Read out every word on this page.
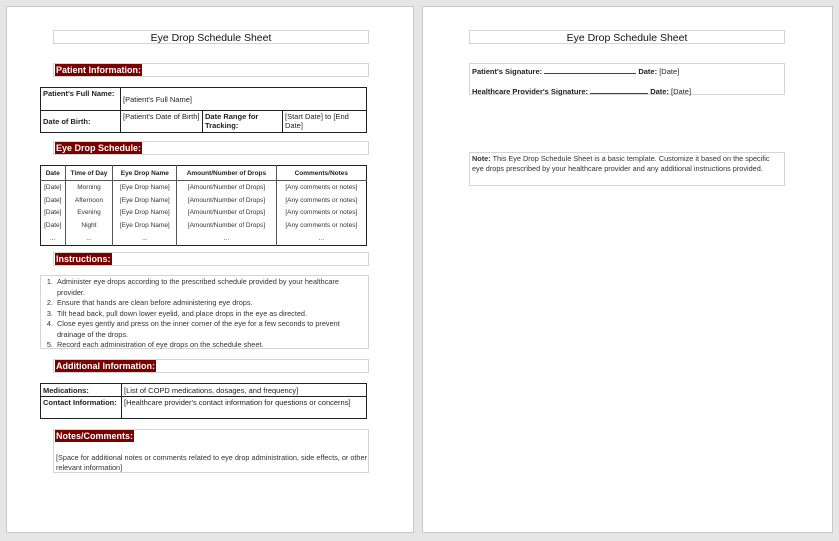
Eye Drop Schedule Sheet
Patient Information:
Patient's Full Name:	[Patient's Full Name]		
Date of Birth:	[Patient's Date of Birth]	Date Range for Tracking:	[Start Date] to [End Date]
Eye Drop Schedule:
Date	Time of Day	Eye Drop Name	Amount/Number of Drops	Comments/Notes
[Date]	Morning	[Eye Drop Name]	[Amount/Number of Drops]	[Any comments or notes]
[Date]	Afternoon	[Eye Drop Name]	[Amount/Number of Drops]	[Any comments or notes]
[Date]	Evening	[Eye Drop Name]	[Amount/Number of Drops]	[Any comments or notes]
[Date]	Night	[Eye Drop Name]	[Amount/Number of Drops]	[Any comments or notes]
...	...	...	...	...
Instructions:
1. Administer eye drops according to the prescribed schedule provided by your healthcare provider.
2. Ensure that hands are clean before administering eye drops.
3. Tilt head back, pull down lower eyelid, and place drops in the eye as directed.
4. Close eyes gently and press on the inner corner of the eye for a few seconds to prevent drainage of the drops.
5. Record each administration of eye drops on the schedule sheet.
Additional Information:
Medications:	[List of COPD medications, dosages, and frequency]
Contact Information:	[Healthcare provider's contact information for questions or concerns]
Notes/Comments:
[Space for additional notes or comments related to eye drop administration, side effects, or other relevant information]
Eye Drop Schedule Sheet
Patient's Signature:	Date: [Date]
Healthcare Provider's Signature:	Date: [Date]
Note: This Eye Drop Schedule Sheet is a basic template. Customize it based on the specific eye drops prescribed by your healthcare provider and any additional instructions provided.
